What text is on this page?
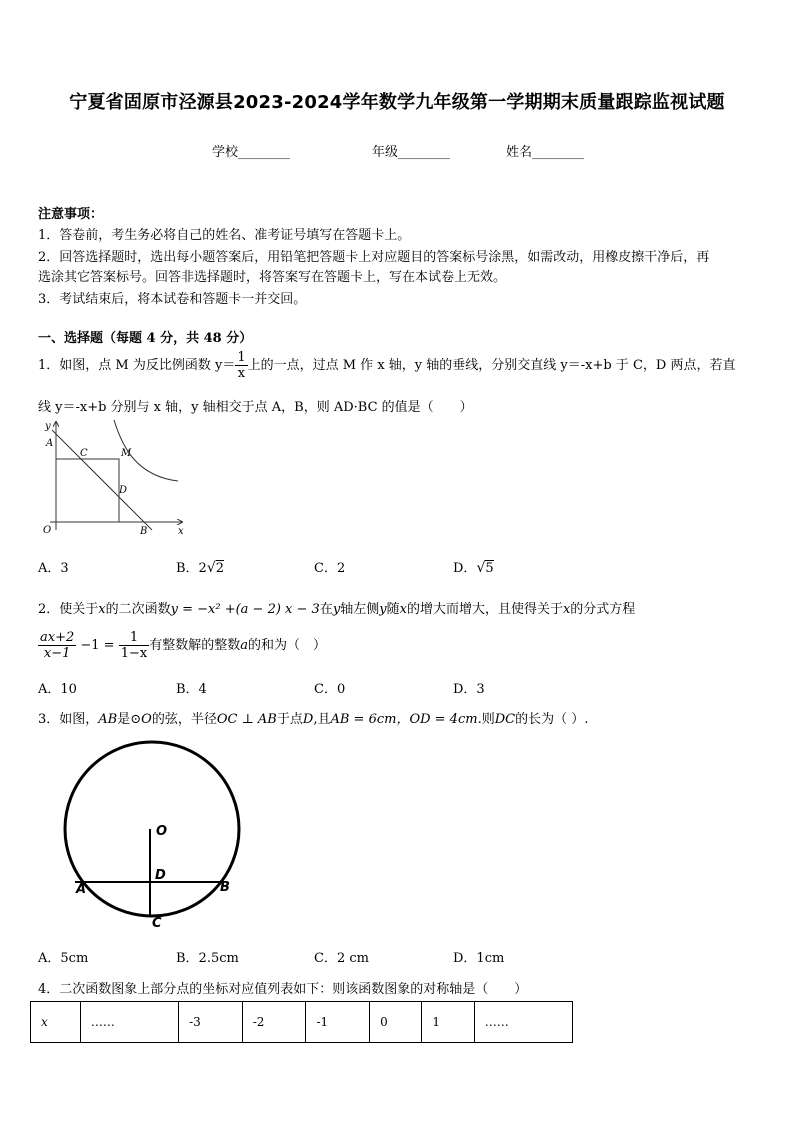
宁夏省固原市泾源县2023-2024学年数学九年级第一学期期末质量跟踪监视试题
学校________	年级________	姓名________
注意事项：
1．答卷前，考生务必将自己的姓名、准考证号填写在答题卡上。
2．回答选择题时，选出每小题答案后，用铅笔把答题卡上对应题目的答案标号涂黑，如需改动，用橡皮擦干净后，再
选涂其它答案标号。回答非选择题时，将答案写在答题卡上，写在本试卷上无效。
3．考试结束后，将本试卷和答题卡一并交回。
一、选择题（每题 4 分，共 48 分）
1．如图，点 M 为反比例函数 $y= \frac{1}{x}$ 上的一点，过点 M 作 x 轴，y 轴的垂线，分别交直线 y＝-x+b 于 C，D 两点，若直
线 y＝-x+b 分别与 x 轴，y 轴相交于点 A，B，则 AD·BC 的值是（　　）
y
A
C	M
D
O	B	x
A．3	B．2√2	C．2	D．√5
2．使关于x的二次函数y = −x² +(a − 2) x − 3在y轴左侧y随x的增大而增大，且使得关于x的分式方程
$\frac{ax+2}{x-1} -1 = \frac{1}{1-x}$ 有整数解的整数a的和为（　）
A．10	B．4	C．0	D．3
3．如图，AB是⊙O的弦，半径OC ⊥ AB于点D,且AB = 6cm，OD = 4cm.则DC的长为（ ）.
O
D
A	B
C
A．5cm	B．2.5cm	C．2 cm	D．1cm
4．二次函数图象上部分点的坐标对应值列表如下：则该函数图象的对称轴是（　　）
x	……	-3	-2	-1	0	1	……
